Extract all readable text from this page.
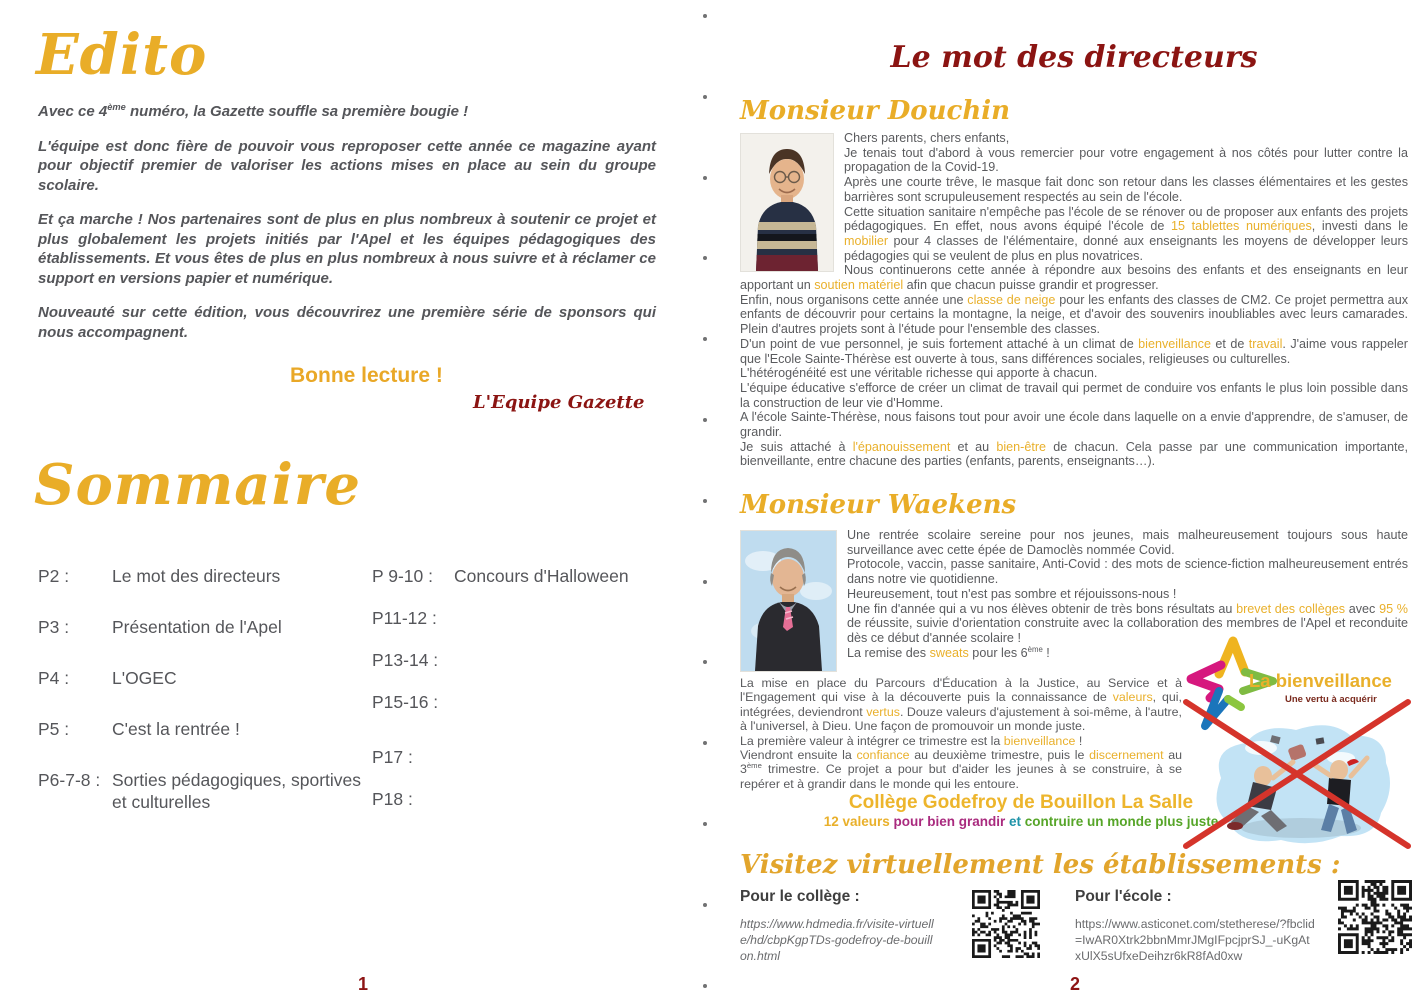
Edito

Avec ce 4ème numéro, la Gazette souffle sa première bougie !

L'équipe est donc fière de pouvoir vous reproposer cette année ce magazine ayant pour objectif premier de valoriser les actions mises en place au sein du groupe scolaire.

Et ça marche ! Nos partenaires sont de plus en plus nombreux à soutenir ce projet et plus globalement les projets initiés par l'Apel et les équipes pédagogiques des établissements. Et vous êtes de plus en plus nombreux à nous suivre et à réclamer ce support en versions papier et numérique.

Nouveauté sur cette édition, vous découvrirez une première série de sponsors qui nous accompagnent.

Bonne lecture !
L'Equipe Gazette
Sommaire
P2 :	Le mot des directeurs
P3 :	Présentation de l'Apel
P4 :	L'OGEC
P5 :	C'est la rentrée !
P6-7-8 : Sorties pédagogiques, sportives et culturelles
P 9-10 :	Concours d'Halloween
P11-12 :
P13-14 :
P15-16 :
P17 :
P18 :
1
Le mot des directeurs
Monsieur Douchin

Chers parents, chers enfants,

Je tenais tout d'abord à vous remercier pour votre engagement à nos côtés pour lutter contre la propagation de la Covid-19.

Après une courte trêve, le masque fait donc son retour dans les classes élémentaires et les gestes barrières sont scrupuleusement respectés au sein de l'école.

Cette situation sanitaire n'empêche pas l'école de se rénover ou de proposer aux enfants des projets pédagogiques. En effet, nous avons équipé l'école de 15 tablettes numériques, investi dans le mobilier pour 4 classes de l'élémentaire, donné aux enseignants les moyens de développer leurs pédagogies qui se veulent de plus en plus novatrices.

Nous continuerons cette année à répondre aux besoins des enfants et des enseignants en leur apportant un soutien matériel afin que chacun puisse grandir et progresser.

Enfin, nous organisons cette année une classe de neige pour les enfants des classes de CM2. Ce projet permettra aux enfants de découvrir pour certains la montagne, la neige, et d'avoir des souvenirs inoubliables avec leurs camarades. Plein d'autres projets sont à l'étude pour l'ensemble des classes.

D'un point de vue personnel, je suis fortement attaché à un climat de bienveillance et de travail. J'aime vous rappeler que l'Ecole Sainte-Thérèse est ouverte à tous, sans différences sociales, religieuses ou culturelles.

L'hétérogénéité est une véritable richesse qui apporte à chacun.

L'équipe éducative s'efforce de créer un climat de travail qui permet de conduire vos enfants le plus loin possible dans la construction de leur vie d'Homme.

A l'école Sainte-Thérèse, nous faisons tout pour avoir une école dans laquelle on a envie d'apprendre, de s'amuser, de grandir.

Je suis attaché à l'épanouissement et au bien-être de chacun. Cela passe par une communication importante, bienveillante, entre chacune des parties (enfants, parents, enseignants…).

Monsieur Waekens

Une rentrée scolaire sereine pour nos jeunes, mais malheureusement toujours sous haute surveillance avec cette épée de Damoclès nommée Covid.

Protocole, vaccin, passe sanitaire, Anti-Covid : des mots de science-fiction malheureusement entrés dans notre vie quotidienne.

Heureusement, tout n'est pas sombre et réjouissons-nous !

Une fin d'année qui a vu nos élèves obtenir de très bons résultats au brevet des collèges avec 95 % de réussite, suivie d'orientation construite avec la collaboration des membres de l'Apel et reconduite dès ce début d'année scolaire !

La remise des sweats pour les 6ème !

La mise en place du Parcours d'Éducation à la Justice, au Service et à l'Engagement qui vise à la découverte puis la connaissance de valeurs, qui, intégrées, deviendront vertus. Douze valeurs d'ajustement à soi-même, à l'autre, à l'universel, à Dieu. Une façon de promouvoir un monde juste.

La première valeur à intégrer ce trimestre est la bienveillance !

Viendront ensuite la confiance au deuxième trimestre, puis le discernement au 3ème trimestre. Ce projet a pour but d'aider les jeunes à se construire, à se repérer et à grandir dans le monde qui les entoure.

Collège Godefroy de Bouillon La Salle
12 valeurs pour bien grandir et contruire un monde plus juste
La bienveillance
Une vertu à acquérir
Visitez virtuellement les établissements :
Pour le collège :
https://www.hdmedia.fr/visite-virtuelle/hd/cbpKgpTDs-godefroy-de-bouillon.html
Pour l'école :
https://www.asticonet.com/stetherese/?fbclid=IwAR0Xtrk2bbnMmrJMgIFpcjprSJ_-uKgAtxUlX5sUfxeDeihzr6kR8fAd0xw
2
